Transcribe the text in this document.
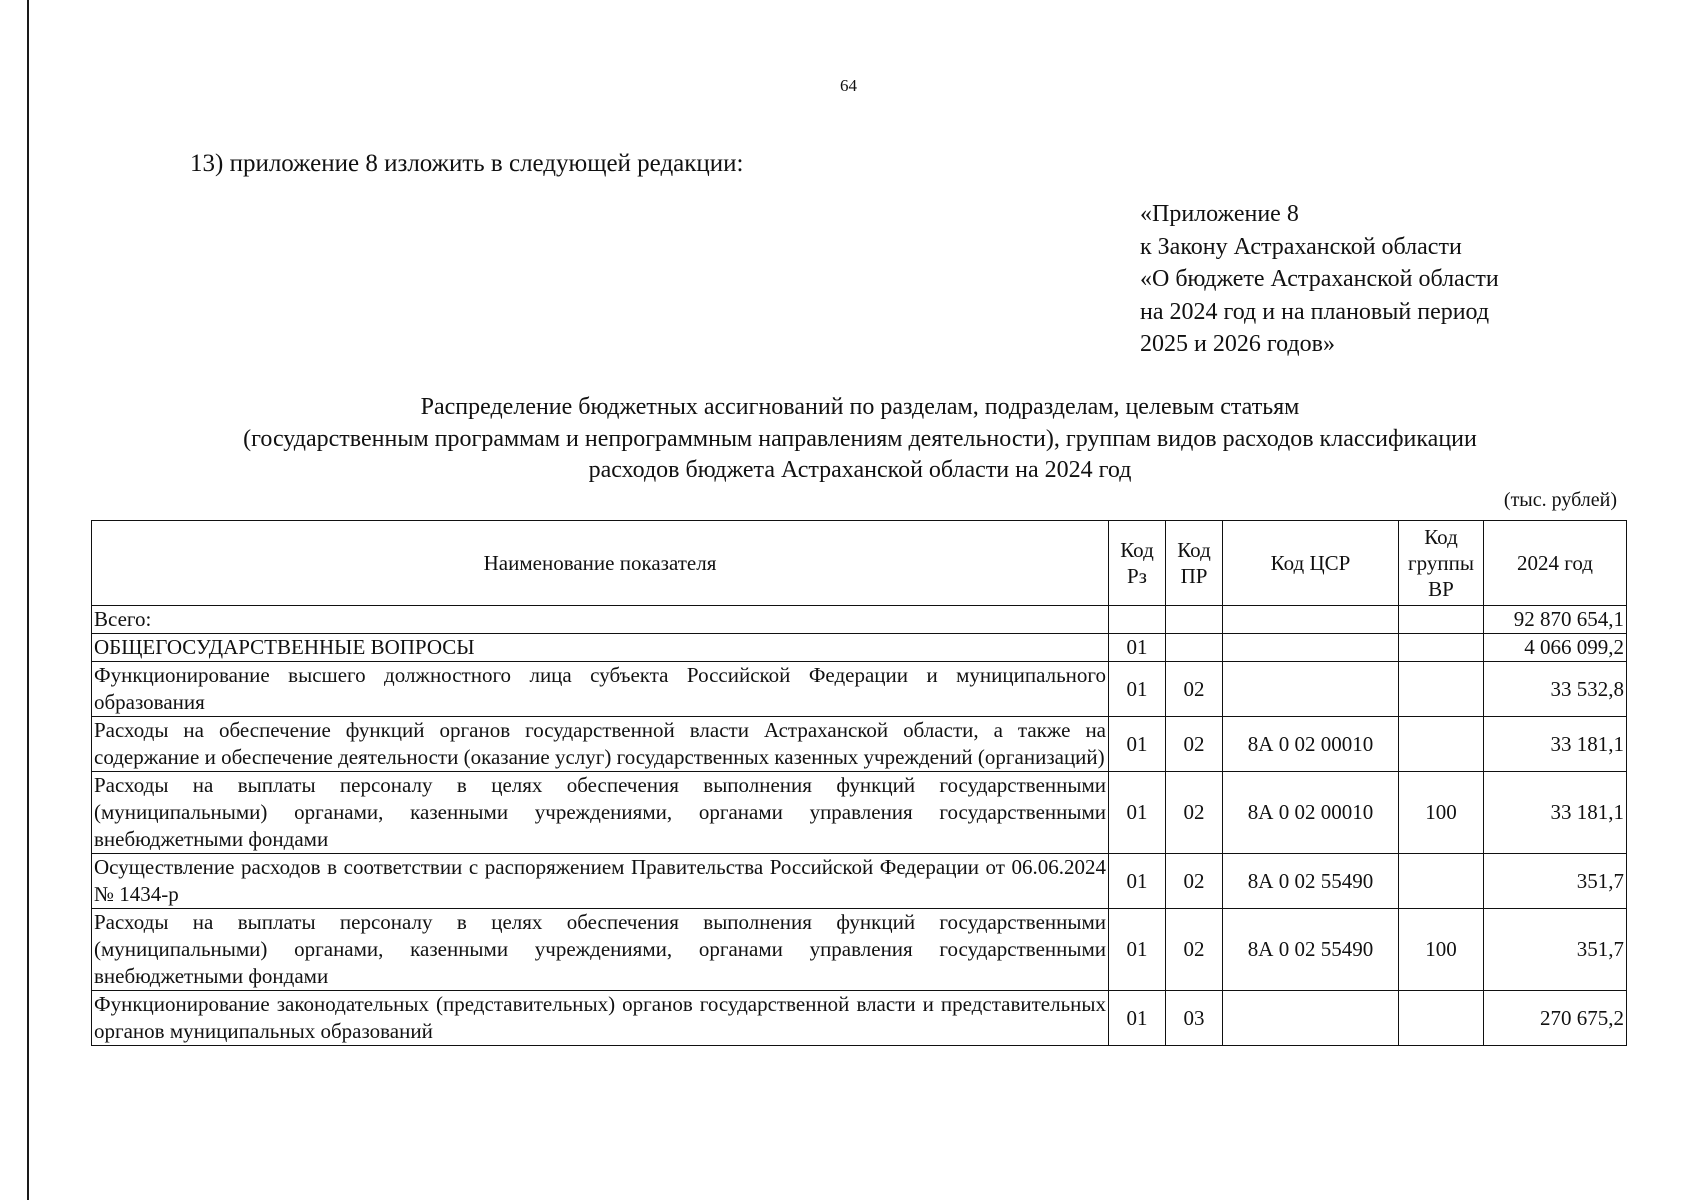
64
13) приложение 8 изложить в следующей редакции:
«Приложение 8
к Закону Астраханской области
«О бюджете Астраханской области
на 2024 год и на плановый период
2025 и 2026 годов»
Распределение бюджетных ассигнований по разделам, подразделам, целевым статьям
(государственным программам и непрограммным направлениям деятельности), группам видов расходов классификации
расходов бюджета Астраханской области на 2024 год
(тыс. рублей)
Наименование показателя	Код Рз	Код ПР	Код ЦСР	Код группы ВР	2024 год
Всего:					92 870 654,1
ОБЩЕГОСУДАРСТВЕННЫЕ ВОПРОСЫ	01				4 066 099,2
Функционирование высшего должностного лица субъекта Российской Федерации и муниципального образования	01	02			33 532,8
Расходы на обеспечение функций органов государственной власти Астраханской области, а также на содержание и обеспечение деятельности (оказание услуг) государственных казенных учреждений (организаций)	01	02	8А 0 02 00010		33 181,1
Расходы на выплаты персоналу в целях обеспечения выполнения функций государственными (муниципальными) органами, казенными учреждениями, органами управления государственными внебюджетными фондами	01	02	8А 0 02 00010	100	33 181,1
Осуществление расходов в соответствии с распоряжением Правительства Российской Федерации от 06.06.2024 № 1434-р	01	02	8А 0 02 55490		351,7
Расходы на выплаты персоналу в целях обеспечения выполнения функций государственными (муниципальными) органами, казенными учреждениями, органами управления государственными внебюджетными фондами	01	02	8А 0 02 55490	100	351,7
Функционирование законодательных (представительных) органов государственной власти и представительных органов муниципальных образований	01	03			270 675,2
